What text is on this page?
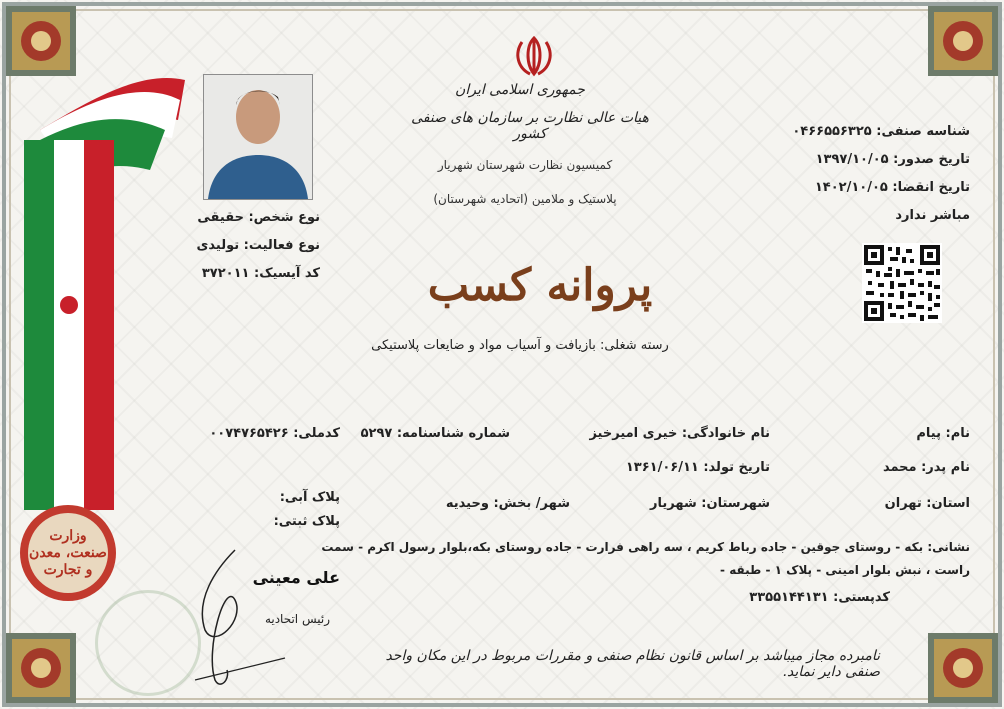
جمهوری اسلامی ایران
هیات عالی نظارت بر سازمان های صنفی کشور
کمیسیون نظارت شهرستان شهریار
پلاستیک و ملامین (اتحادیه شهرستان)
شناسه صنفی: ۰۴۶۶۵۵۶۳۲۵
تاریخ صدور: ۱۳۹۷/۱۰/۰۵
تاریخ انقضا: ۱۴۰۲/۱۰/۰۵
مباشر ندارد
نوع شخص: حقیقی
نوع فعالیت: تولیدی
کد آیسیک: ۳۷۲۰۱۱	پروانه کسب
رسته شغلی: بازیافت و آسیاب مواد و ضایعات پلاستیکی
نام: پیام
نام خانوادگی: خیری امیرخیز
شماره شناسنامه: ۵۲۹۷
کدملی: ۰۰۷۴۷۶۵۴۲۶
نام پدر: محمد
تاریخ تولد: ۱۳۶۱/۰۶/۱۱
استان: تهران
شهرستان: شهریار
شهر/ بخش: وحیدیه
پلاک آبی:
پلاک ثبتی:
نشانی: بکه - روستای جوقین - جاده رباط کریم ، سه راهی فرارت - جاده روستای بکه،بلوار رسول اکرم - سمت
راست ، نبش بلوار امینی - پلاک ۱ - طبقه -
کدپستی: ۳۳۵۵۱۴۴۱۳۱
علی معینی
رئیس اتحادیه
وزارت صنعت، معدن و تجارت
نامبرده مجاز میباشد بر اساس قانون نظام صنفی و مقررات مربوط در این مکان واحد صنفی دایر نماید.
